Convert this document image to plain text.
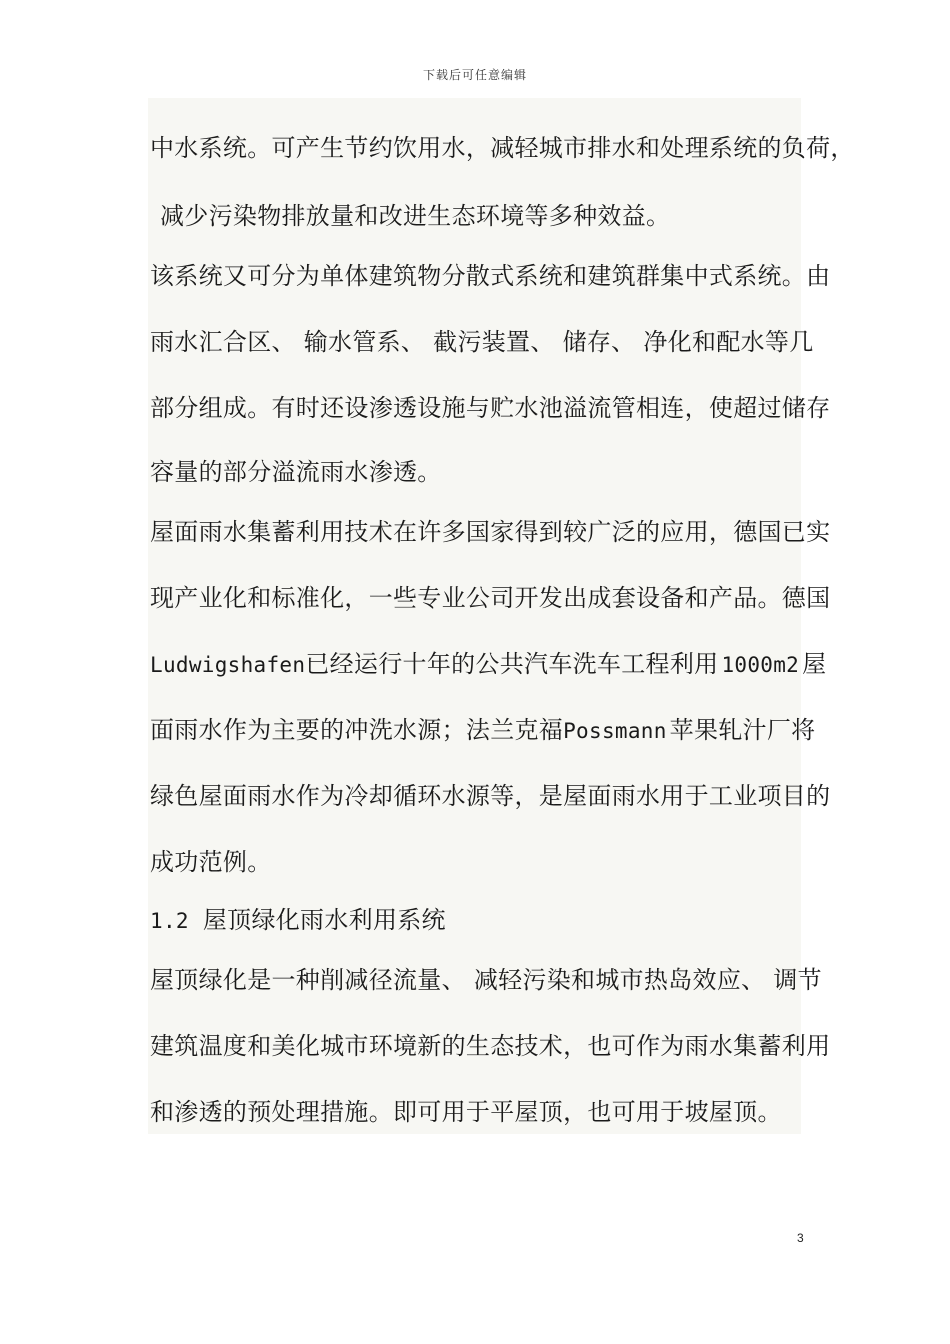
下载后可任意编辑
中水系统。可产生节约饮用水，减轻城市排水和处理系统的负荷，
减少污染物排放量和改进生态环境等多种效益。
该系统又可分为单体建筑物分散式系统和建筑群集中式系统。由
雨水汇合区、 输水管系、 截污装置、 储存、 净化和配水等几
部分组成。有时还设渗透设施与贮水池溢流管相连，使超过储存
容量的部分溢流雨水渗透。
屋面雨水集蓄利用技术在许多国家得到较广泛的应用，德国已实
现产业化和标准化，一些专业公司开发出成套设备和产品。德国
Ludwigshafen已经运行十年的公共汽车洗车工程利用 1000m2 屋
面雨水作为主要的冲洗水源；法兰克福Possmann 苹果轧汁厂将
绿色屋面雨水作为冷却循环水源等，是屋面雨水用于工业项目的
成功范例。
1.2 屋顶绿化雨水利用系统
屋顶绿化是一种削减径流量、 减轻污染和城市热岛效应、 调节
建筑温度和美化城市环境新的生态技术，也可作为雨水集蓄利用
和渗透的预处理措施。即可用于平屋顶，也可用于坡屋顶。
3
